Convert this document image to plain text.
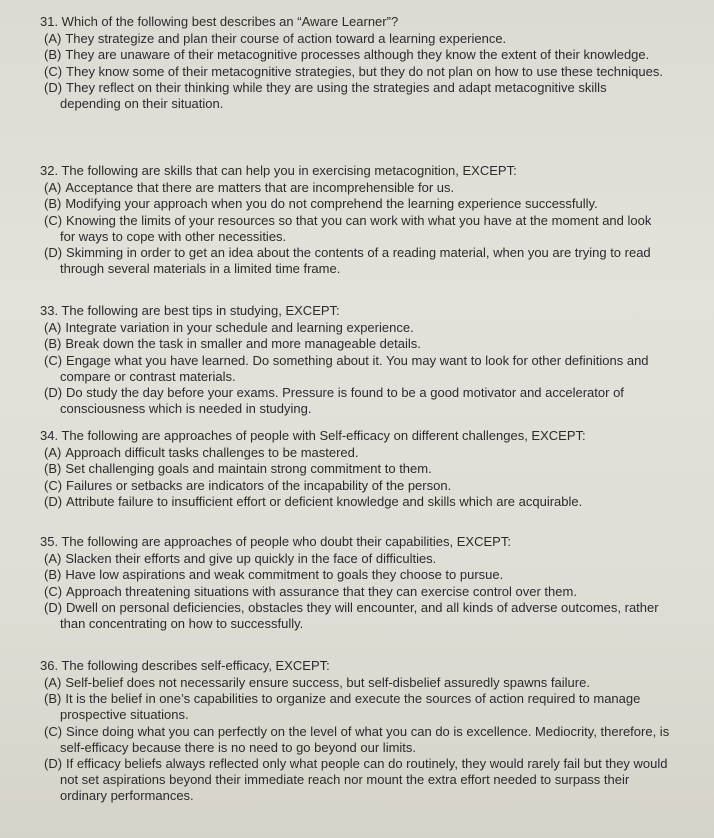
31. Which of the following best describes an “Aware Learner”?

(A) They strategize and plan their course of action toward a learning experience.

(B) They are unaware of their metacognitive processes although they know the extent of their knowledge.

(C) They know some of their metacognitive strategies, but they do not plan on how to use these techniques.

(D) They reflect on their thinking while they are using the strategies and adapt metacognitive skills depending on their situation.

32. The following are skills that can help you in exercising metacognition, EXCEPT:

(A) Acceptance that there are matters that are incomprehensible for us.

(B) Modifying your approach when you do not comprehend the learning experience successfully.

(C) Knowing the limits of your resources so that you can work with what you have at the moment and look for ways to cope with other necessities.

(D) Skimming in order to get an idea about the contents of a reading material, when you are trying to read through several materials in a limited time frame.

33. The following are best tips in studying, EXCEPT:

(A) Integrate variation in your schedule and learning experience.

(B) Break down the task in smaller and more manageable details.

(C) Engage what you have learned. Do something about it. You may want to look for other definitions and compare or contrast materials.

(D) Do study the day before your exams. Pressure is found to be a good motivator and accelerator of consciousness which is needed in studying.

34. The following are approaches of people with Self-efficacy on different challenges, EXCEPT:

(A) Approach difficult tasks challenges to be mastered.

(B) Set challenging goals and maintain strong commitment to them.

(C) Failures or setbacks are indicators of the incapability of the person.

(D) Attribute failure to insufficient effort or deficient knowledge and skills which are acquirable.

35. The following are approaches of people who doubt their capabilities, EXCEPT:

(A) Slacken their efforts and give up quickly in the face of difficulties.

(B) Have low aspirations and weak commitment to goals they choose to pursue.

(C) Approach threatening situations with assurance that they can exercise control over them.

(D) Dwell on personal deficiencies, obstacles they will encounter, and all kinds of adverse outcomes, rather than concentrating on how to successfully.

36. The following describes self-efficacy, EXCEPT:

(A) Self-belief does not necessarily ensure success, but self-disbelief assuredly spawns failure.

(B) It is the belief in one’s capabilities to organize and execute the sources of action required to manage prospective situations.

(C) Since doing what you can perfectly on the level of what you can do is excellence. Mediocrity, therefore, is self-efficacy because there is no need to go beyond our limits.

(D) If efficacy beliefs always reflected only what people can do routinely, they would rarely fail but they would not set aspirations beyond their immediate reach nor mount the extra effort needed to surpass their ordinary performances.
